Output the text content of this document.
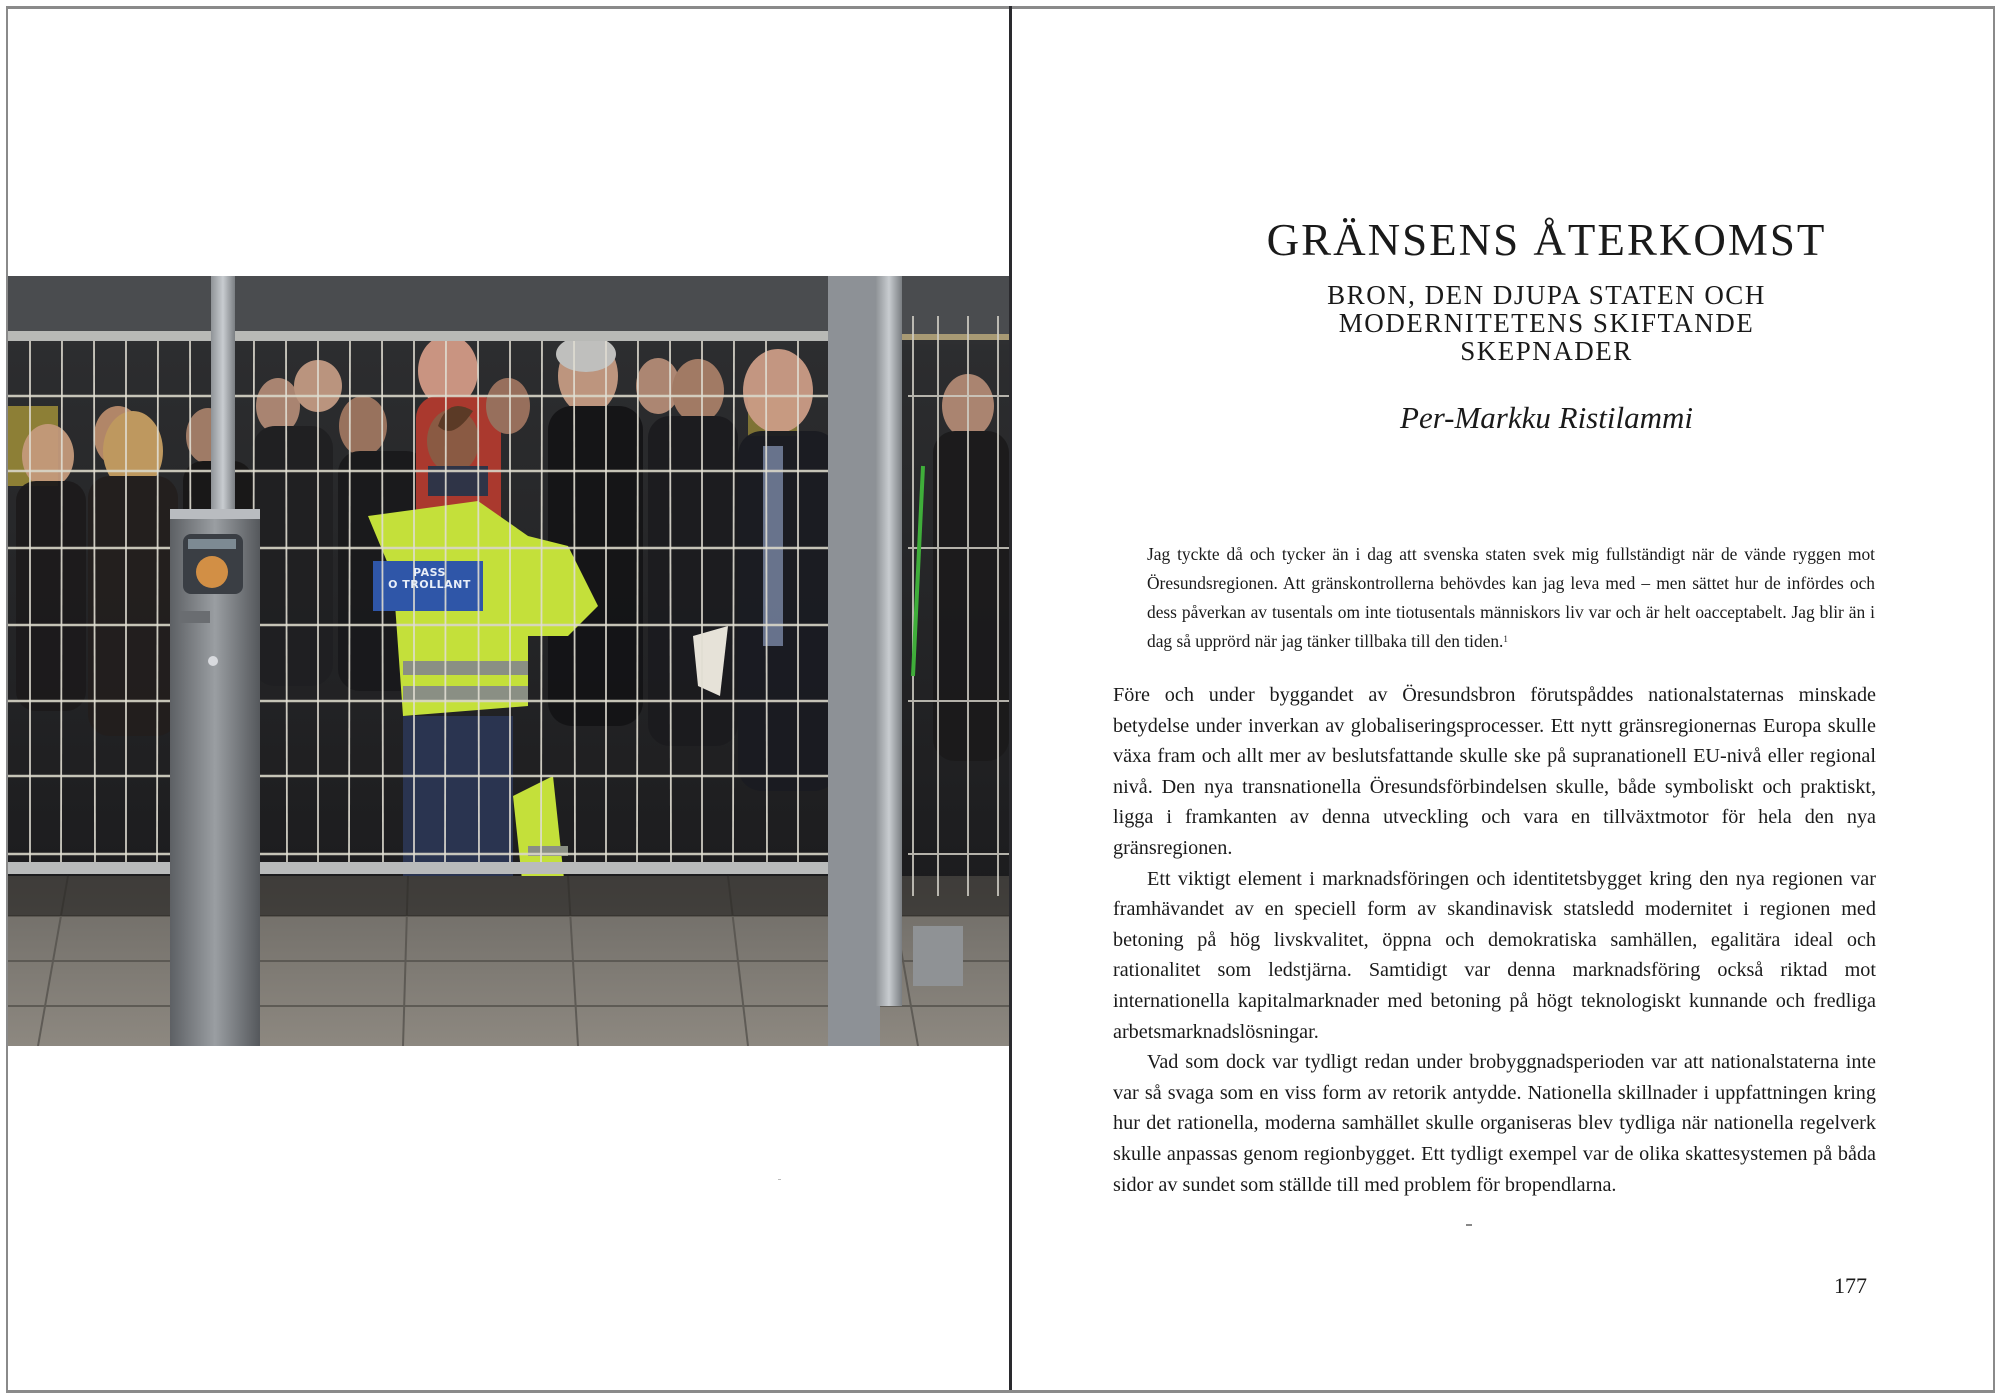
PASS
O TROLLANT
GRÄNSENS ÅTERKOMST
BRON, DEN DJUPA STATEN OCH
MODERNITETENS SKIFTANDE
SKEPNADER
Per-Markku Ristilammi

Jag tyckte då och tycker än i dag att svenska staten svek mig fullständigt när de vände ryggen mot Öresundsregionen. Att gränskontrollerna behövdes kan jag leva med – men sättet hur de infördes och dess påverkan av tusentals om inte tiotusentals människors liv var och är helt oacceptabelt. Jag blir än i dag så upprörd när jag tänker tillbaka till den tiden.$^1$

Före och under byggandet av Öresundsbron förutspåddes nationalstaternas minskade betydelse under inverkan av globaliseringsprocesser. Ett nytt gränsregionernas Europa skulle växa fram och allt mer av beslutsfattande skulle ske på supranationell EU-nivå eller regional nivå. Den nya transnationella Öresundsförbindelsen skulle, både symboliskt och praktiskt, ligga i framkanten av denna utveckling och vara en tillväxtmotor för hela den nya gränsregionen.

Ett viktigt element i marknadsföringen och identitetsbygget kring den nya regionen var framhävandet av en speciell form av skandinavisk statsledd modernitet i regionen med betoning på hög livskvalitet, öppna och demokratiska samhällen, egalitära ideal och rationalitet som ledstjärna. Samtidigt var denna marknadsföring också riktad mot internationella kapitalmarknader med betoning på högt teknologiskt kunnande och fredliga arbetsmarknadslösningar.

Vad som dock var tydligt redan under brobyggnadsperioden var att nationalstaterna inte var så svaga som en viss form av retorik antydde. Nationella skillnader i uppfattningen kring hur det rationella, moderna samhället skulle organiseras blev tydliga när nationella regelverk skulle anpassas genom regionbygget. Ett tydligt exempel var de olika skattesystemen på båda sidor av sundet som ställde till med problem för bropendlarna.

177
